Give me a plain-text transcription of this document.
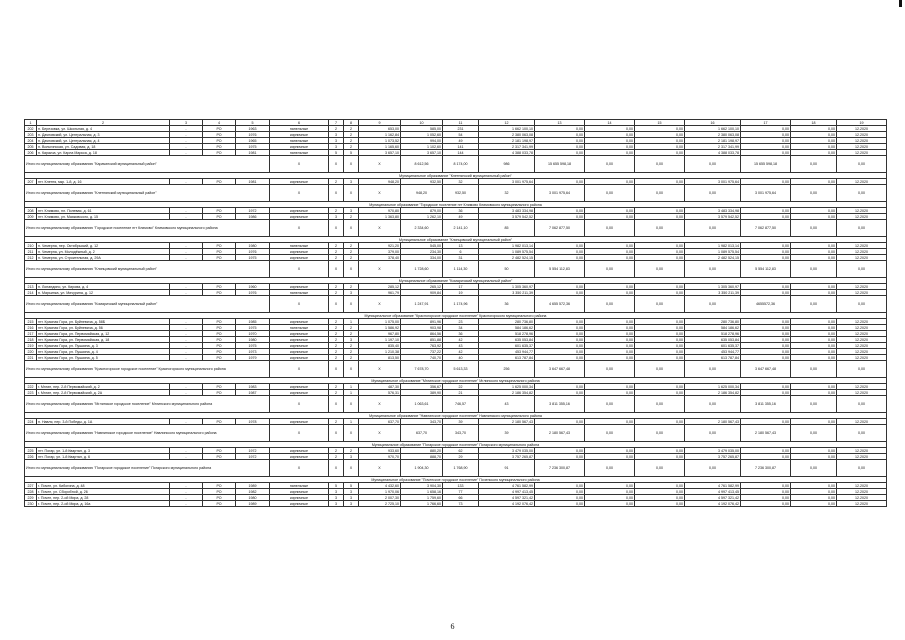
1	2	3	4	5	6	7	8	9	10	11	12	13	14	15	16	17	18	19
202	п. Березовка, ул. Школьная, д. 4	-	РО	1963	панельные	2	2	653,00	585,00	231	1 662 100,10	0,00	0,00	0,00	1 662 100,10	0,00	0,00	12.2020
203	п. Дачновский, ул. Центральная, д. 3	-	РО	1976	кирпичные	3	2	1 162,84	1 052,60	54	2 380 063,08	0,00	0,00	0,00	2 380 063,08	0,00	0,00	12.2020
204	п. Дачновский, ул. Центральная, д. 4	-	РО	1965	панельные	3	2	1 073,52	994,00	49	2 181 198,97	0,00	0,00	0,00	2 181 198,97	0,00	0,00	12.2020
205	п. Вольгинская, ул. Садовая, д. 18	-	РО	1975	кирпичные	3	2	1 165,60	1 102,60	141	2 317 341,99	0,00	0,00	0,00	2 317 341,99	0,00	0,00	12.2020
206	п. Каракча, ул. Карла Маркса, д. 18	-	РО	1981	панельные	5	5	3 657,10	3 657,10	144	4 388 033,78	0,00	0,00	0,00	4 388 033,78	0,00	0,00	12.2020
Итого по муниципальному образованию "Карачинский муниципальный район"					X	X	X	X	8 612,56	8 174,00	986	15 655 598,18	0,00	0,00	0,00	15 655 598,18	0,00	0,00
Муниципальное образование "Клетнянский муниципальный район"																		
207	пгт. Клетня, мкр. 1-й, д. 16	-	РО	1981	кирпичные	2	3	948,20	932,50	32	3 001 975,64	0,00	0,00	0,00	3 001 975,64	0,00	0,00	12.2020
Итого по муниципальному образованию "Клетнянский муниципальный район"					X	X	X	X	948,20	932,50	32	3 001 975,64	0,00	0,00	0,00	3 001 975,64	0,00	0,00
Муниципальное образование "Городское поселение пгт Климово Климовского муниципального района																		
208	пгт. Климово, пл. Полевая, д. 61	-	РО	1972	кирпичные	2	3	970,80	879,00	36	3 483 334,98	0,00	0,00	0,00	3 483 334,98	0,00	0,00	12.2020
209	пгт. Климово, ул. Маяковского, д. 15	-	РО	1986	кирпичные	3	2	1 363,80	1 262,10	49	3 579 542,52	0,00	0,00	0,00	3 579 542,52	0,00	0,00	12.2020
Итого по муниципальному образованию "Городское поселение пгт Климово" Климовского муниципального района					X	X	X	X	2 334,60	2 141,10	85	7 062 877,50	0,00	0,00	0,00	7 062 877,50	0,00	0,00
Муниципальное образование "Клинцовский муниципальный район"																		
210	п. Чемерна, пер. Октябрьский, д. 12	-	РО	1980	панельные	2	2	921,20	545,00	13	1 982 013,14	0,00	0,00	0,00	1 982 013,14	0,00	0,00	12.2020
211	п. Чемерна, ул. Молодёжный, д. 2	-	РО	1976	кирпичные	2	2	379,00	234,30	6	1 089 575,54	0,00	0,00	0,00	1 089 575,54	0,00	0,00	12.2020
212	п. Чемерна, ул. Строительная, д. 29А	-	РО	1975	кирпичные	2	2	378,40	334,00	31	2 482 524,15	0,00	0,00	0,00	2 482 524,15	0,00	0,00	12.2020
Итого по муниципальному образованию "Клинцовский муниципальный район"					X	X	X	X	1 728,60	1 114,30	50	5 554 112,83	0,00	0,00	0,00	5 554 112,83	0,00	0,00
Муниципальное образование "Комаричский муниципальный район"																		
213	п. Лопандино, ул. Кирова, д. 4	-	РО	1960	кирпичные	2	2	285,12	265,12	17	1 305 360,97	0,00	0,00	0,00	1 305 360,97	0,00	0,00	12.2020
214	п. Марьинка, ул. Мичурина, д. 12	-	РО	1976	панельные	2	3	961,79	909,84	19	3 350 211,39	0,00	0,00	0,00	3 350 211,39	0,00	0,00	12.2020
Итого по муниципальному образованию "Комаричский муниципальный район"					X	X	X	X	1 247,91	1 174,96	36	4 655 572,36	0,00	0,00	0,00	4655572,36	0,00	0,00
Муниципальное образование "Красногорское городское поселение" Красногорского муниципального района																		
215	пгт. Красная Гора, ул. Буйневича, д. 58Б	-	РО	1985	кирпичные	2	1	1 075,00	891,96	23	280 736,80	0,00	0,00	0,00	280 736,80	0,00	0,00	12.2020
216	пгт. Красная Гора, ул. Буйневича, д. 56	-	РО	1975	панельные	2	2	1 586,92	903,98	34	584 186,62	0,00	0,00	0,00	584 186,62	0,00	0,00	12.2020
217	пгт. Красная Гора, ул. Первомайская, д. 12	-	РО	1970	кирпичные	2	2	967,80	864,56	36	518 278,96	0,00	0,00	0,00	518 278,96	0,00	0,00	12.2020
218	пгт. Красная Гора, ул. Первомайская, д. 18	-	РО	1980	кирпичные	2	3	1 197,10	851,88	42	635 053,84	0,00	0,00	0,00	635 053,84	0,00	0,00	12.2020
219	пгт. Красная Гора, ул. Пушкина, д. 3	-	РО	1975	кирпичные	2	2	835,40	763,92	43	601 635,37	0,00	0,00	0,00	601 635,37	0,00	0,00	12.2020
220	пгт. Красная Гора, ул. Пушкина, д. 4	-	РО	1973	кирпичные	2	2	1 210,38	737,22	42	453 944,77	0,00	0,00	0,00	453 944,77	0,00	0,00	12.2020
221	пгт. Красная Гора, ул. Пушкина, д. 5	-	РО	1979	кирпичные	2	2	813,50	740,70	40	613 787,84	0,00	0,00	0,00	613 787,84	0,00	0,00	12.2020
Итого по муниципальному образованию "Красногорское городское поселение" Красногорского муниципального района					X	X	X	X	7 678,70	5 613,33	256	3 647 667,48	0,00	0,00	0,00	3 647 667,48	0,00	0,00
Муниципальное образование "Мглинское городское поселение" Мглинского муниципального района																		
222	г. Мглин, пер. 2-й Первомайский, д. 2	-	РО	1983	кирпичные	2	1	487,30	356,67	22	1 625 000,34	0,00	0,00	0,00	1 625 000,34	0,00	0,00	12.2020
223	г. Мглин, пер. 2-й Первомайский, д. 2А	-	РО	1987	кирпичные	2	1	576,31	389,90	21	2 186 354,82	0,00	0,00	0,00	2 186 354,82	0,00	0,00	12.2020
Итого по муниципальному образованию "Мглинское городское поселение" Мглинского муниципального района					X	X	X	X	1 063,61	746,57	43	3 811 355,16	0,00	0,00	0,00	3 811 355,16	0,00	0,00
Муниципальное образование "Навлинское городское поселение" Навлинского муниципального района																		
224	п. Навля, пер. 3-й Победы, д. 1А	-	РО	1978	кирпичные	2	1	637,70	343,70	39	2 180 567,43	0,00	0,00	0,00	2 180 567,43	0,00	0,00	12.2020
Итого по муниципальному образованию "Навлинское городское поселение" Навлинского муниципального района					X	X	X	X	637,70	343,70	39	2 180 567,43	0,00	0,00	0,00	2 180 567,43	0,00	0,00
Муниципальное образование "Погарское городское поселение" Погарского муниципального района																		
225	пгт. Погар, ул. 1-й Квартал, д. 3	-	РО	1972	кирпичные	2	2	933,60	880,20	62	3 479 035,00	0,00	0,00	0,00	3 479 035,00	0,00	0,00	12.2020
226	пгт. Погар, ул. 1-й Квартал, д. 6	-	РО	1972	кирпичные	2	3	970,70	888,70	29	3 757 265,87	0,00	0,00	0,00	3 757 265,87	0,00	0,00	12.2020
Итого по муниципальному образованию "Погарское городское поселение" Погарского муниципального района					X	X	X	X	1 904,30	1 768,90	91	7 236 300,87	0,00	0,00	0,00	7 236 300,87	0,00	0,00
Муниципальное образование "Почепское городское поселение" Почепского муниципального района																		
227	г. Почеп, ул. Кибогина, д. 48	-	РО	1989	панельные	5	5	4 432,60	3 904,30	133	4 761 582,99	0,00	0,00	0,00	4 761 582,99	0,00	0,00	12.2020
228	г. Почеп, ул. Сборобной, д. 26	-	РО	1982	кирпичные	3	3	1 970,06	1 658,16	77	4 997 413,45	0,00	0,00	0,00	4 997 413,45	0,00	0,00	12.2020
229	г. Почеп, пер. 2-ой Мира, д. 28	-	РО	1980	кирпичные	3	3	2 007,30	1 759,60	66	4 597 321,42	0,00	0,00	0,00	4 597 321,42	0,00	0,00	12.2020
230	г. Почеп, пер. 2-ой Мира, д. 16а	-	РО	1989	кирпичные	3	3	2 725,10	1 766,60	73	4 192 076,42	0,00	0,00	0,00	4 192 076,42	0,00	0,00	12.2020
6
